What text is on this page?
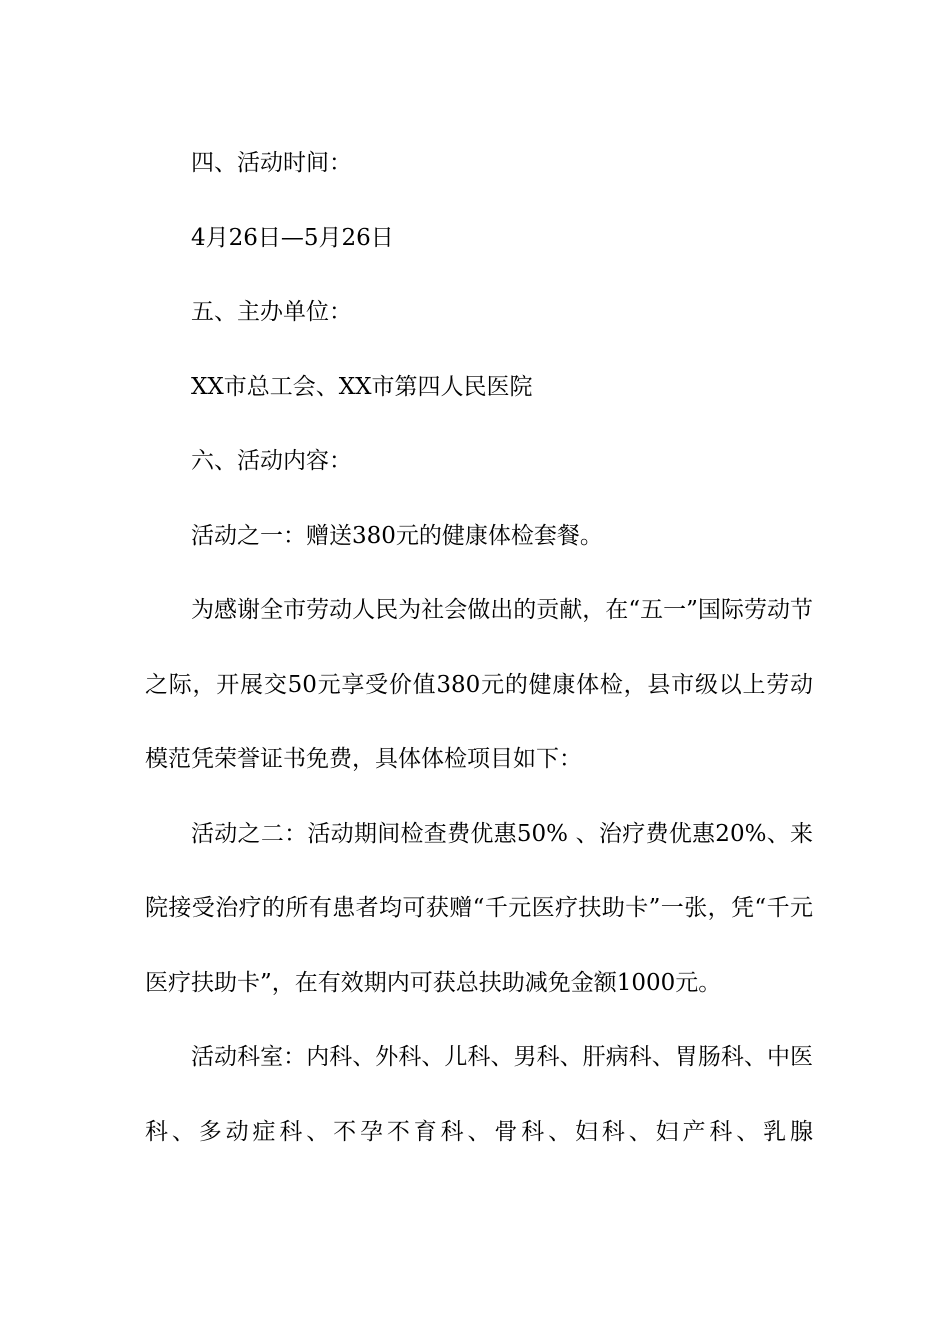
四、活动时间：

4月26日—5月26日

五、主办单位：

XX市总工会、XX市第四人民医院

六、活动内容：

活动之一：赠送380元的健康体检套餐。

为感谢全市劳动人民为社会做出的贡献，在“五一”国际劳动节之际，开展交50元享受价值380元的健康体检，县市级以上劳动模范凭荣誉证书免费，具体体检项目如下：

活动之二：活动期间检查费优惠50% 、治疗费优惠20%、来院接受治疗的所有患者均可获赠“千元医疗扶助卡”一张，凭“千元医疗扶助卡”，在有效期内可获总扶助减免金额1000元。

活动科室：内科、外科、儿科、男科、肝病科、胃肠科、中医科、多动症科、不孕不育科、骨科、妇科、妇产科、乳腺
